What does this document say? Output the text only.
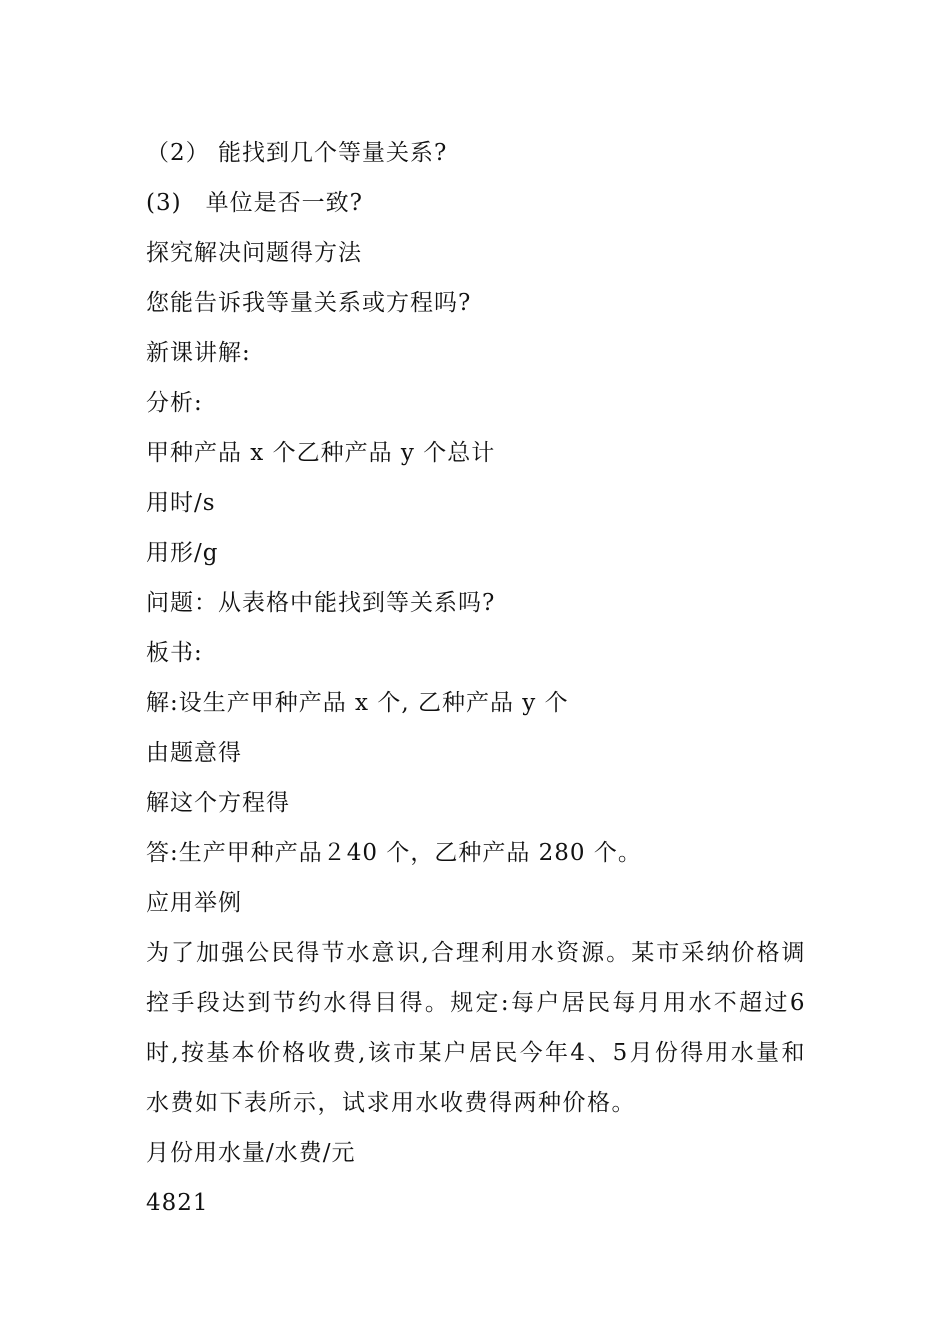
（2） 能找到几个等量关系?
(3)　单位是否一致?
探究解决问题得方法
您能告诉我等量关系或方程吗?
新课讲解:
分析:
甲种产品 x 个乙种产品 y 个总计
用时/s
用形/g
问题：从表格中能找到等关系吗?
板书:
解:设生产甲种产品 x 个, 乙种产品 y 个
由题意得
解这个方程得
答:生产甲种产品２40 个，乙种产品 280 个。
应用举例
为了加强公民得节水意识,合理利用水资源。某市采纳价格调控手段达到节约水得目得。规定:每户居民每月用水不超过6 时,按基本价格收费,该市某户居民今年4、5月份得用水量和水费如下表所示，试求用水收费得两种价格。
月份用水量/水费/元
4821
